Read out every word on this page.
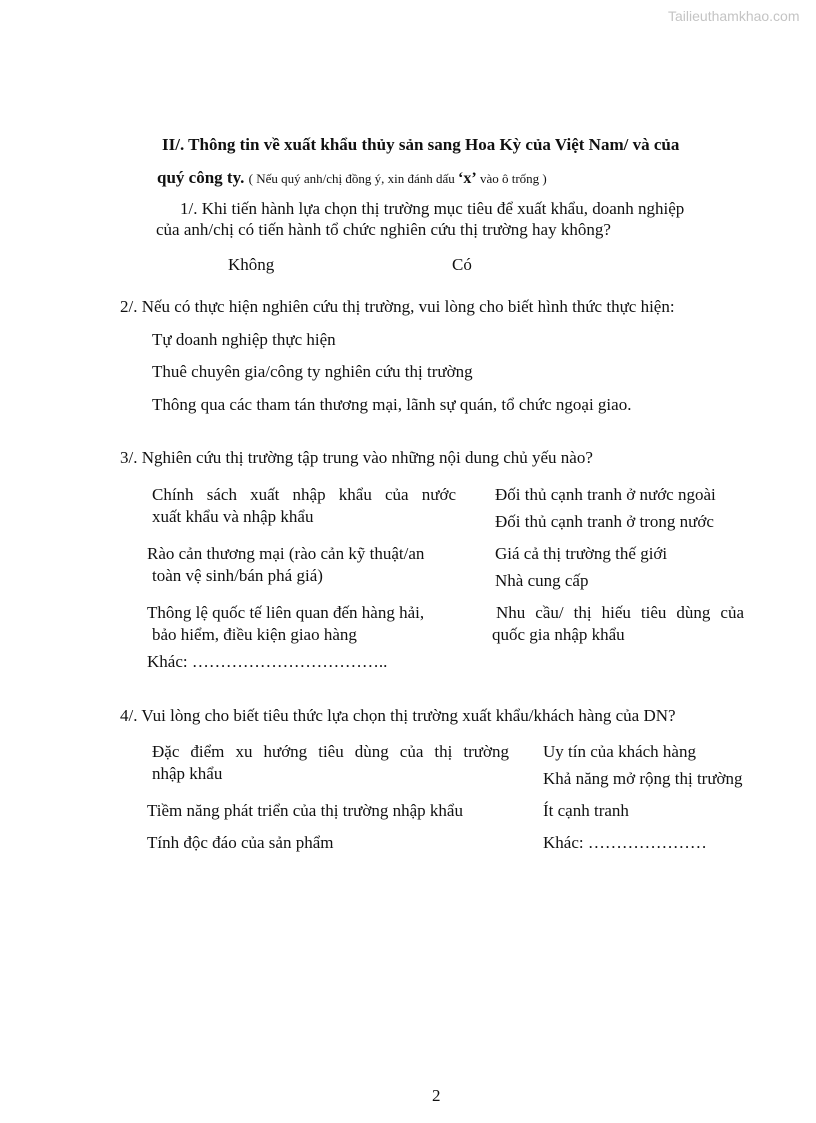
Tailieuthamkhao.com
II/. Thông tin về xuất khẩu thủy sản sang Hoa Kỳ của Việt Nam/ và của
quý công ty. ( Nếu quý anh/chị đồng ý, xin đánh dấu ‘x’ vào ô trống )
1/. Khi tiến hành lựa chọn thị trường mục tiêu để xuất khẩu, doanh nghiệp
của anh/chị có tiến hành tổ chức nghiên cứu thị trường hay không?
Không	Có
2/. Nếu có thực hiện nghiên cứu thị trường, vui lòng cho biết hình thức thực hiện:
Tự doanh nghiệp thực hiện
Thuê chuyên gia/công ty nghiên cứu thị trường
Thông qua các tham tán thương mại, lãnh sự quán, tổ chức ngoại giao.
3/. Nghiên cứu thị trường tập trung vào những nội dung chủ yếu nào?
Chính sách xuất nhập khẩu của nước
xuất khẩu và nhập khẩu
Rào cản thương mại (rào cản kỹ thuật/an
toàn vệ sinh/bán phá giá)
Thông lệ quốc tế liên quan đến hàng hải,
bảo hiểm, điều kiện giao hàng
Khác: ……………………………..
Đối thủ cạnh tranh ở nước ngoài
Đối thủ cạnh tranh ở trong nước
Giá cả thị trường thế giới
Nhà cung cấp
Nhu cầu/ thị hiếu tiêu dùng của
quốc gia nhập khẩu
4/. Vui lòng cho biết tiêu thức lựa chọn thị trường xuất khẩu/khách hàng của DN?
Đặc điểm xu hướng tiêu dùng của thị trường
nhập khẩu
Tiềm năng phát triển của thị trường nhập khẩu
Tính độc đáo của sản phẩm
Uy tín của khách hàng
Khả năng mở rộng thị trường
Ít cạnh tranh
Khác: …………………
2
